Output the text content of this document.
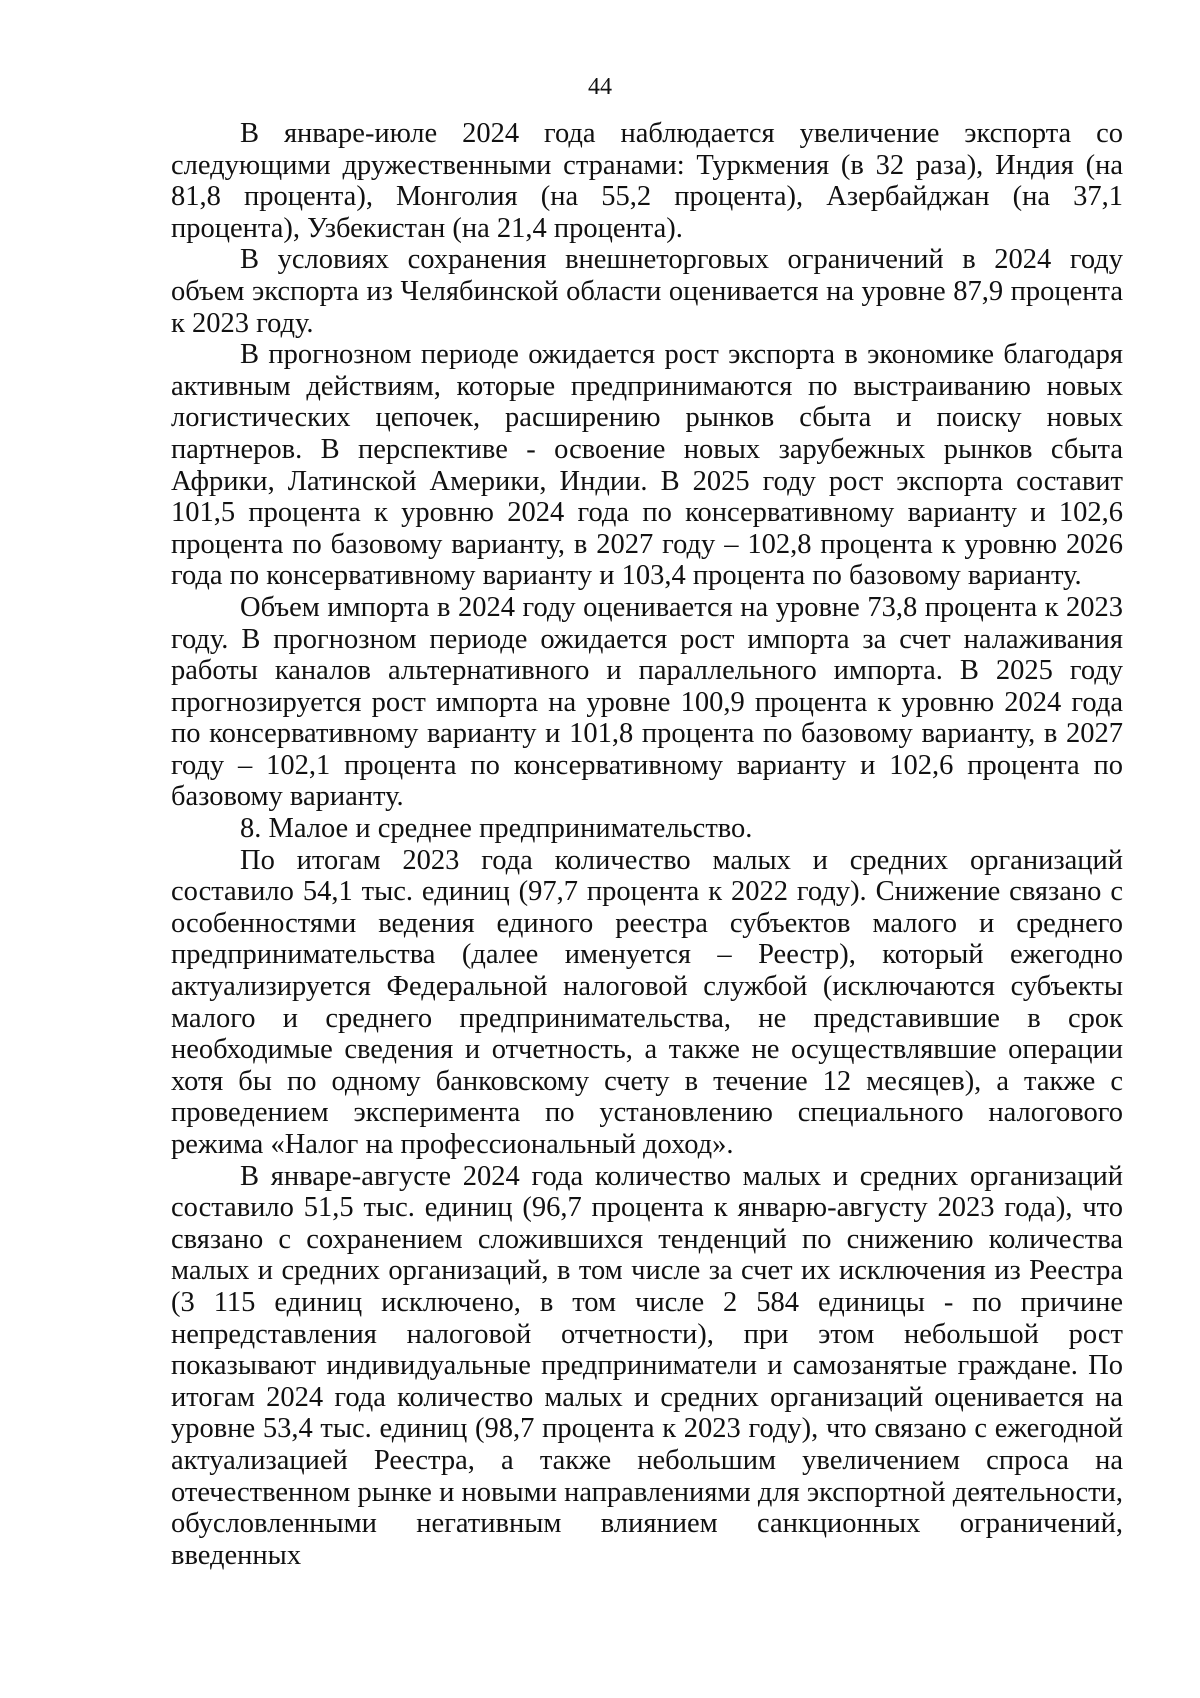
44

В январе-июле 2024 года наблюдается увеличение экспорта со следующими дружественными странами: Туркмения (в 32 раза), Индия (на 81,8 процента), Монголия (на 55,2 процента), Азербайджан (на 37,1 процента), Узбекистан (на 21,4 процента).

В условиях сохранения внешнеторговых ограничений в 2024 году объем экспорта из Челябинской области оценивается на уровне 87,9 процента к 2023 году.

В прогнозном периоде ожидается рост экспорта в экономике благодаря активным действиям, которые предпринимаются по выстраиванию новых логистических цепочек, расширению рынков сбыта и поиску новых партнеров. В перспективе - освоение новых зарубежных рынков сбыта Африки, Латинской Америки, Индии. В 2025 году рост экспорта составит 101,5 процента к уровню 2024 года по консервативному варианту и 102,6 процента по базовому варианту, в 2027 году – 102,8 процента к уровню 2026 года по консервативному варианту и 103,4 процента по базовому варианту.

Объем импорта в 2024 году оценивается на уровне 73,8 процента к 2023 году. В прогнозном периоде ожидается рост импорта за счет налаживания работы каналов альтернативного и параллельного импорта. В 2025 году прогнозируется рост импорта на уровне 100,9 процента к уровню 2024 года по консервативному варианту и 101,8 процента по базовому варианту, в 2027 году – 102,1 процента по консервативному варианту и 102,6 процента по базовому варианту.

8. Малое и среднее предпринимательство.

По итогам 2023 года количество малых и средних организаций составило 54,1 тыс. единиц (97,7 процента к 2022 году). Снижение связано с особенностями ведения единого реестра субъектов малого и среднего предпринимательства (далее именуется – Реестр), который ежегодно актуализируется Федеральной налоговой службой (исключаются субъекты малого и среднего предпринимательства, не представившие в срок необходимые сведения и отчетность, а также не осуществлявшие операции хотя бы по одному банковскому счету в течение 12 месяцев), а также с проведением эксперимента по установлению специального налогового режима «Налог на профессиональный доход».

В январе-августе 2024 года количество малых и средних организаций составило 51,5 тыс. единиц (96,7 процента к январю-августу 2023 года), что связано с сохранением сложившихся тенденций по снижению количества малых и средних организаций, в том числе за счет их исключения из Реестра (3 115 единиц исключено, в том числе 2 584 единицы - по причине непредставления налоговой отчетности), при этом небольшой рост показывают индивидуальные предприниматели и самозанятые граждане. По итогам 2024 года количество малых и средних организаций оценивается на уровне 53,4 тыс. единиц (98,7 процента к 2023 году), что связано с ежегодной актуализацией Реестра, а также небольшим увеличением спроса на отечественном рынке и новыми направлениями для экспортной деятельности, обусловленными негативным влиянием санкционных ограничений, введенных
